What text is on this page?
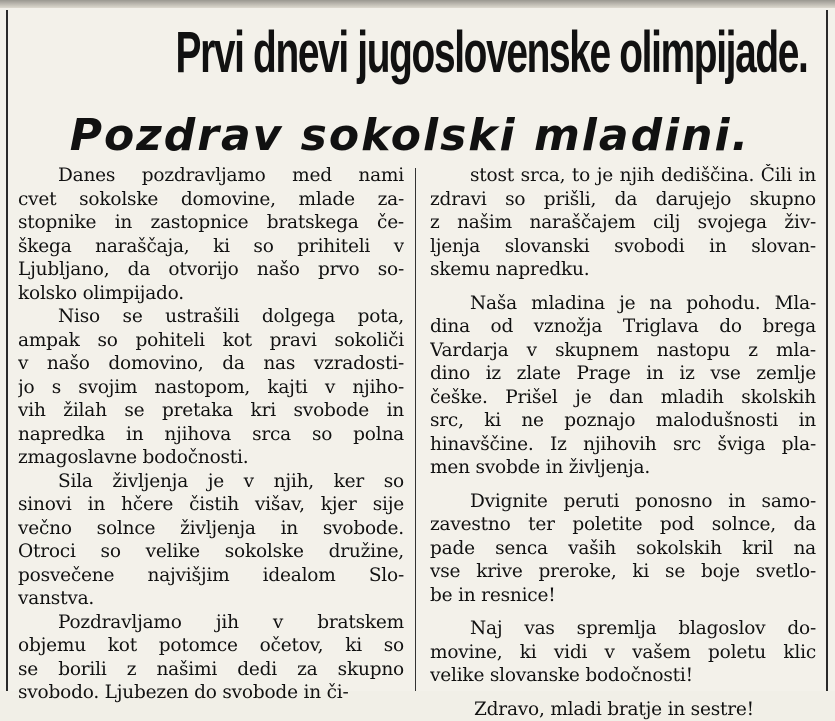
Prvi dnevi jugoslovenske olimpijade.
Pozdrav sokolski mladini.
Danes pozdravljamo med nami
cvet sokolske domovine, mlade za-
stopnike in zastopnice bratskega če-
škega naraščaja, ki so prihiteli v
Ljubljano, da otvorijo našo prvo so-
kolsko olimpijado.
Niso se ustrašili dolgega pota,
ampak so pohiteli kot pravi sokoliči
v našo domovino, da nas vzradosti-
jo s svojim nastopom, kajti v njiho-
vih žilah se pretaka kri svobode in
napredka in njihova srca so polna
zmagoslavne bodočnosti.
Sila življenja je v njih, ker so
sinovi in hčere čistih višav, kjer sije
večno solnce življenja in svobode.
Otroci so velike sokolske družine,
posvečene najvišjim idealom Slo-
vanstva.
Pozdravljamo jih v bratskem
objemu kot potomce očetov, ki so
se borili z našimi dedi za skupno
svobodo. Ljubezen do svobode in či-
stost srca, to je njih dediščina. Čili in
zdravi so prišli, da darujejo skupno
z našim naraščajem cilj svojega živ-
ljenja slovanski svobodi in slovan-
skemu napredku.
Naša mladina je na pohodu. Mla-
dina od vznožja Triglava do brega
Vardarja v skupnem nastopu z mla-
dino iz zlate Prage in iz vse zemlje
češke. Prišel je dan mladih skolskih
src, ki ne poznajo malodušnosti in
hinavščine. Iz njihovih src šviga pla-
men svobde in življenja.
Dvignite peruti ponosno in samo-
zavestno ter poletite pod solnce, da
pade senca vaših sokolskih kril na
vse krive preroke, ki se boje svetlo-
be in resnice!
Naj vas spremlja blagoslov do-
movine, ki vidi v vašem poletu klic
velike slovanske bodočnosti!
Zdravo, mladi bratje in sestre!
